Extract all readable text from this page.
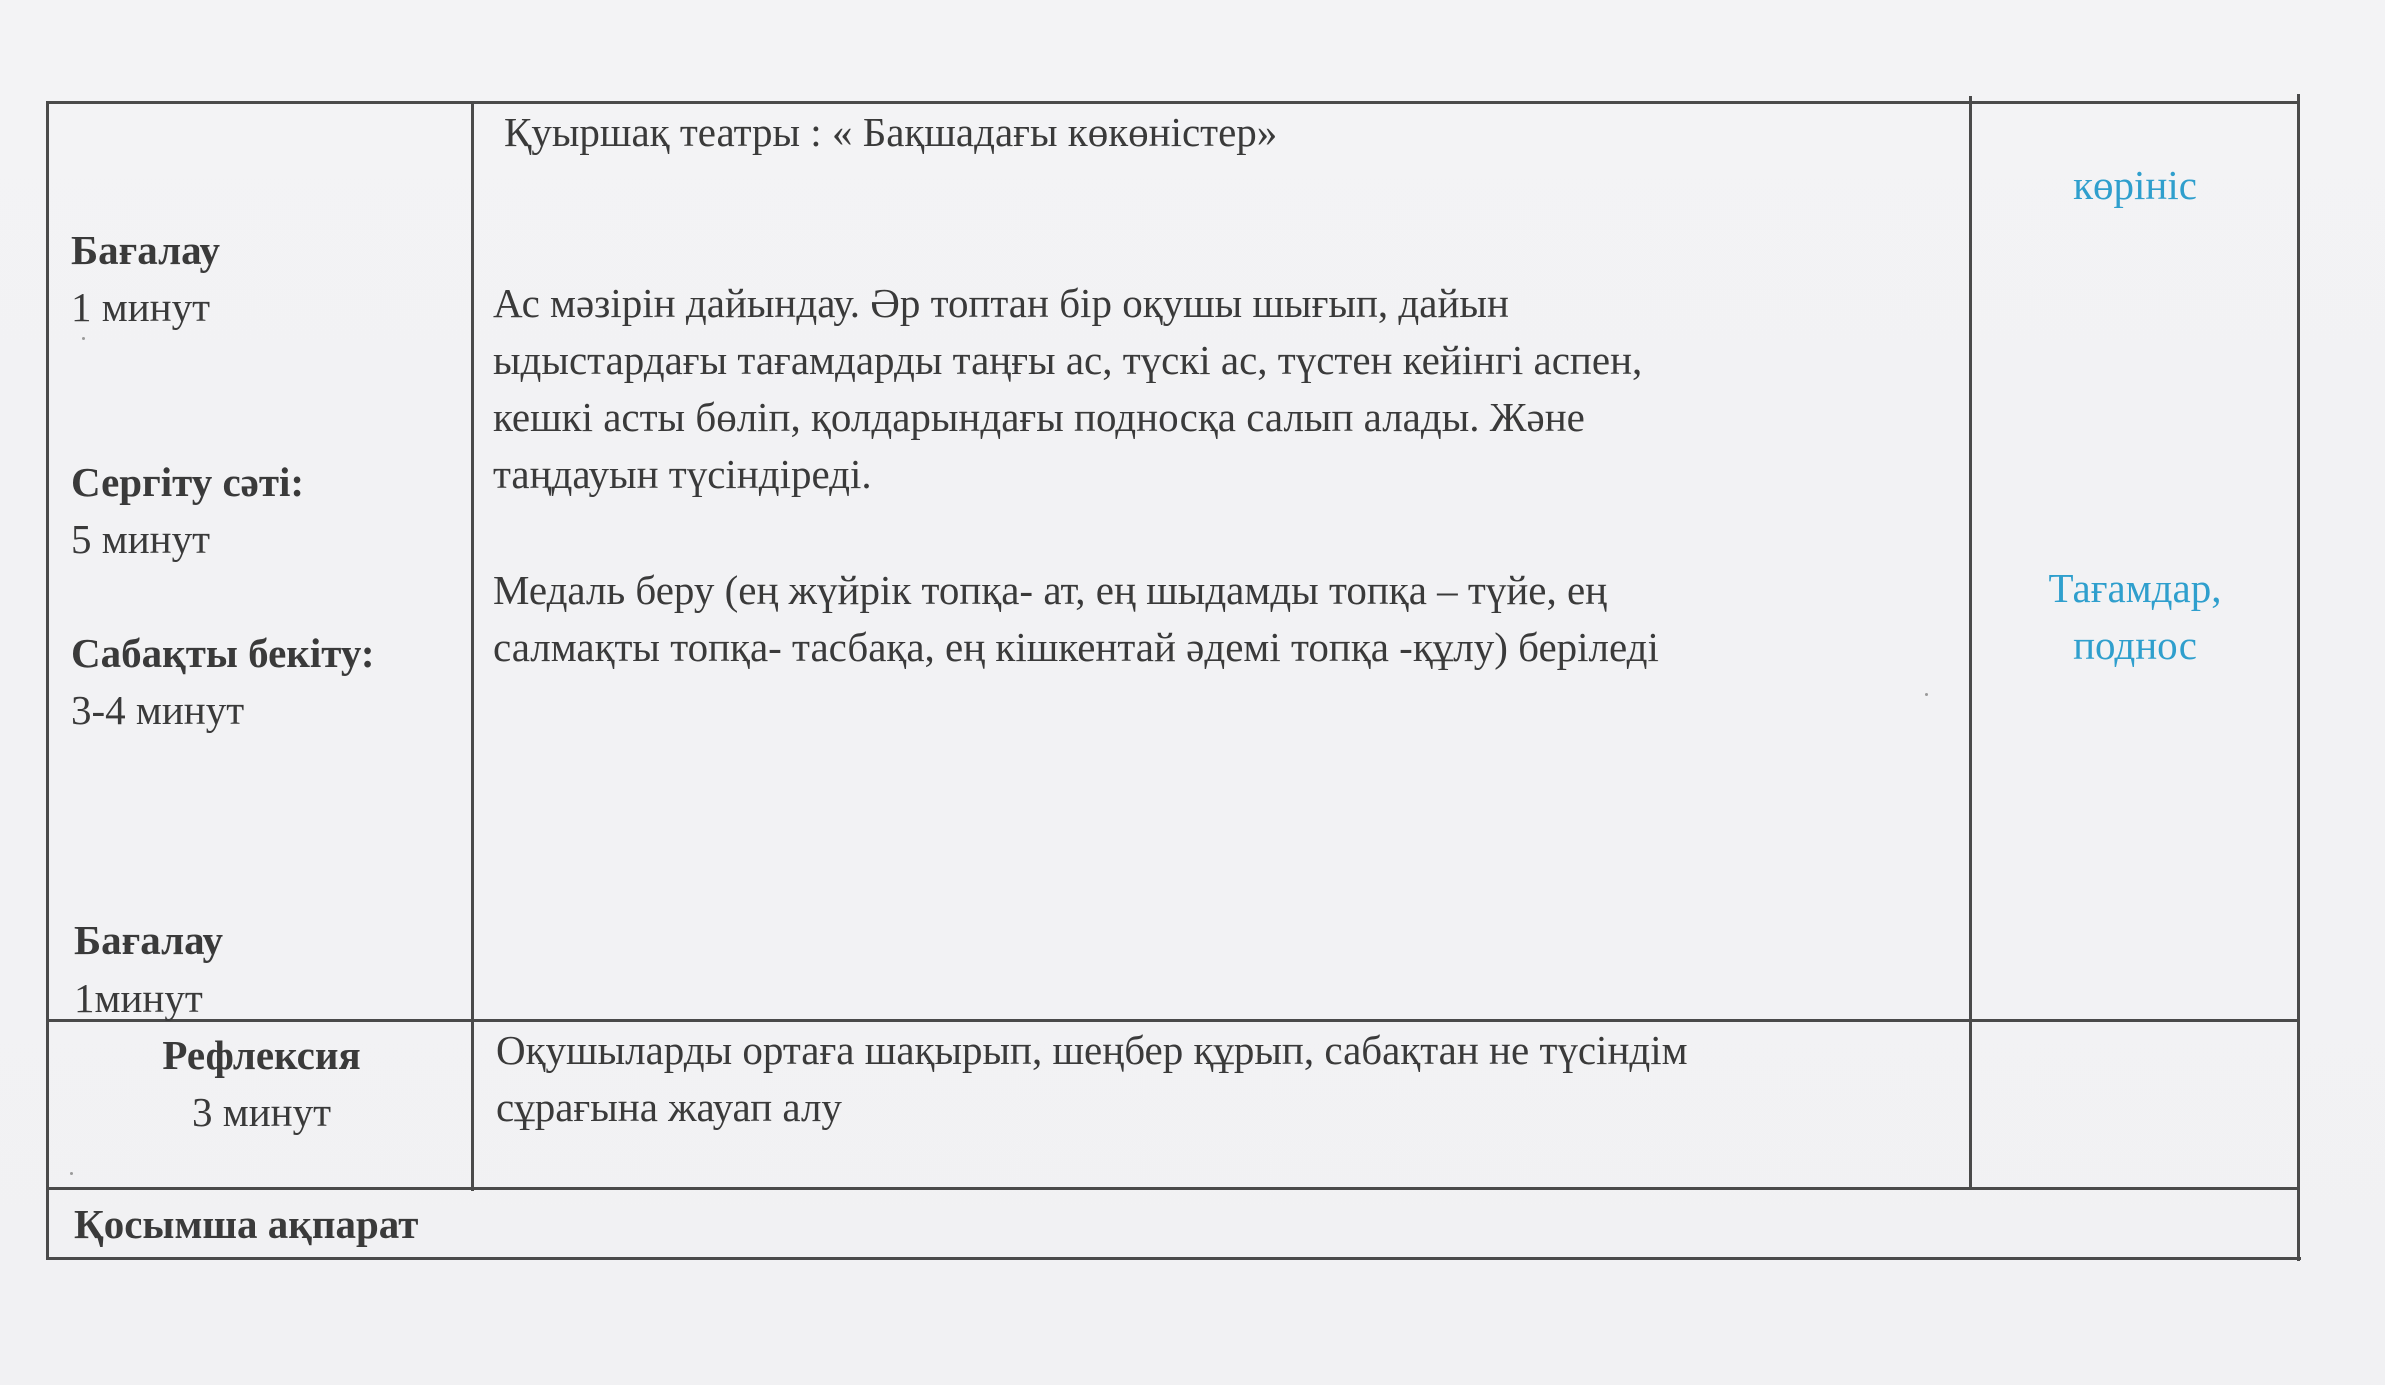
Бағалау
1 минут
Сергіту сәті:
5 минут
Сабақты бекіту:
3-4 минут
Бағалау
1минут
Қуыршақ театры : « Бақшадағы көкөністер»
Ас мәзірін дайындау. Әр топтан бір оқушы шығып, дайын
ыдыстардағы тағамдарды таңғы ас, түскі ас, түстен кейінгі аспен,
кешкі асты бөліп, қолдарындағы подносқа салып алады. Және
таңдауын түсіндіреді.
Медаль беру (ең жүйрік топқа- ат, ең шыдамды топқа – түйе, ең
салмақты топқа- тасбақа, ең кішкентай әдемі топқа -құлу) беріледі
көрініс
Тағамдар,
поднос
Рефлексия
3 минут
Оқушыларды ортаға шақырып, шеңбер құрып, сабақтан не түсіндім
сұрағына жауап алу
Қосымша ақпарат
